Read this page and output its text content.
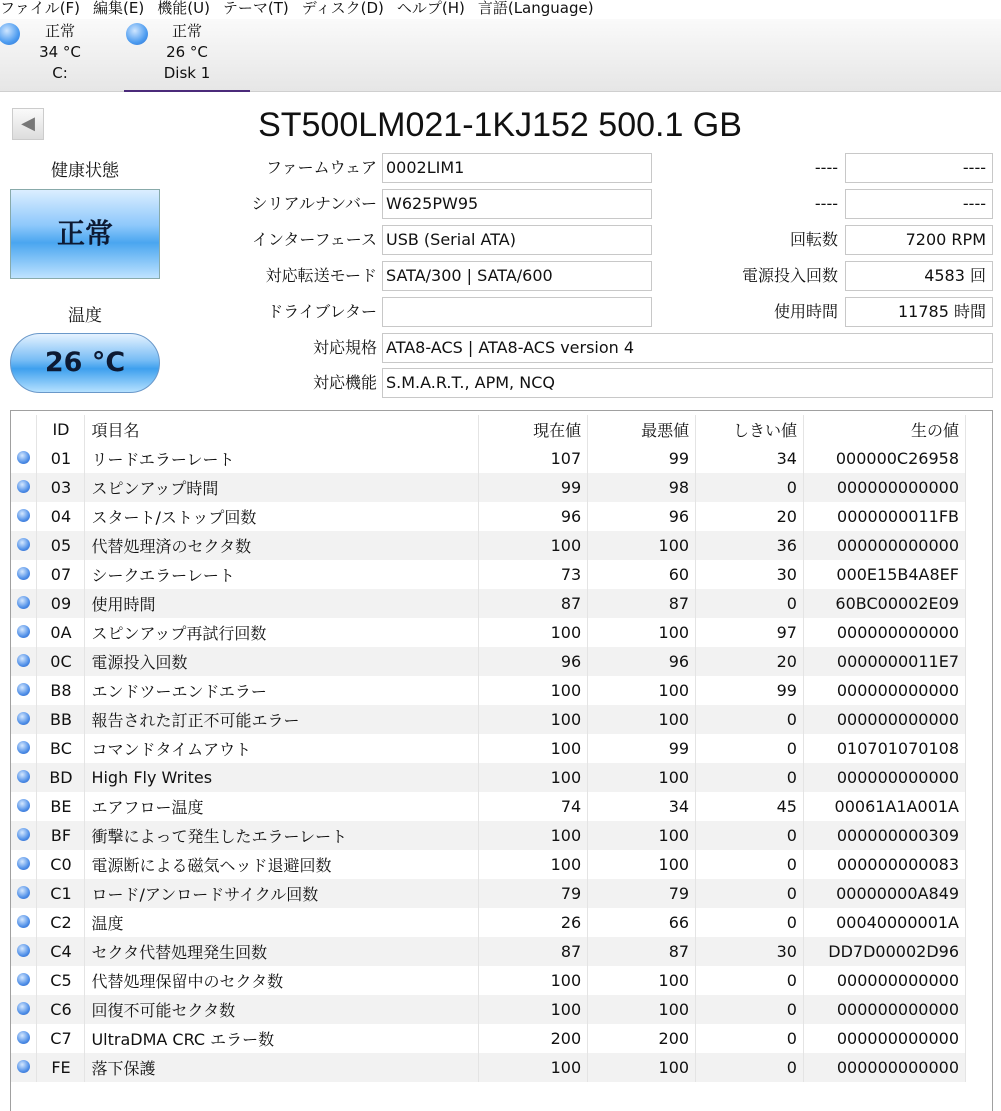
ファイル(F) 編集(E) 機能(U) テーマ(T) ディスク(D) ヘルプ(H) 言語(Language)
正常
34 °C
C:
正常
26 °C
Disk 1
◀	ST500LM021-1KJ152 500.1 GB
健康状態
正常
温度
26 °C
ファームウェア 0002LIM1
シリアルナンバー W625PW95
インターフェース USB (Serial ATA)
対応転送モード SATA/300 | SATA/600
ドライブレター
対応規格 ATA8-ACS | ATA8-ACS version 4
対応機能 S.M.A.R.T., APM, NCQ
----	----
----	----
回転数	7200 RPM
電源投入回数	4583 回
使用時間	11785 時間
	ID	項目名	現在値	最悪値	しきい値	生の値
	01	リードエラーレート	107	99	34	000000C26958
	03	スピンアップ時間	99	98	0	000000000000
	04	スタート/ストップ回数	96	96	20	0000000011FB
	05	代替処理済のセクタ数	100	100	36	000000000000
	07	シークエラーレート	73	60	30	000E15B4A8EF
	09	使用時間	87	87	0	60BC00002E09
	0A	スピンアップ再試行回数	100	100	97	000000000000
	0C	電源投入回数	96	96	20	0000000011E7
	B8	エンドツーエンドエラー	100	100	99	000000000000
	BB	報告された訂正不可能エラー	100	100	0	000000000000
	BC	コマンドタイムアウト	100	99	0	010701070108
	BD	High Fly Writes	100	100	0	000000000000
	BE	エアフロー温度	74	34	45	00061A1A001A
	BF	衝撃によって発生したエラーレート	100	100	0	000000000309
	C0	電源断による磁気ヘッド退避回数	100	100	0	000000000083
	C1	ロード/アンロードサイクル回数	79	79	0	00000000A849
	C2	温度	26	66	0	00040000001A
	C4	セクタ代替処理発生回数	87	87	30	DD7D00002D96
	C5	代替処理保留中のセクタ数	100	100	0	000000000000
	C6	回復不可能セクタ数	100	100	0	000000000000
	C7	UltraDMA CRC エラー数	200	200	0	000000000000
	FE	落下保護	100	100	0	000000000000
